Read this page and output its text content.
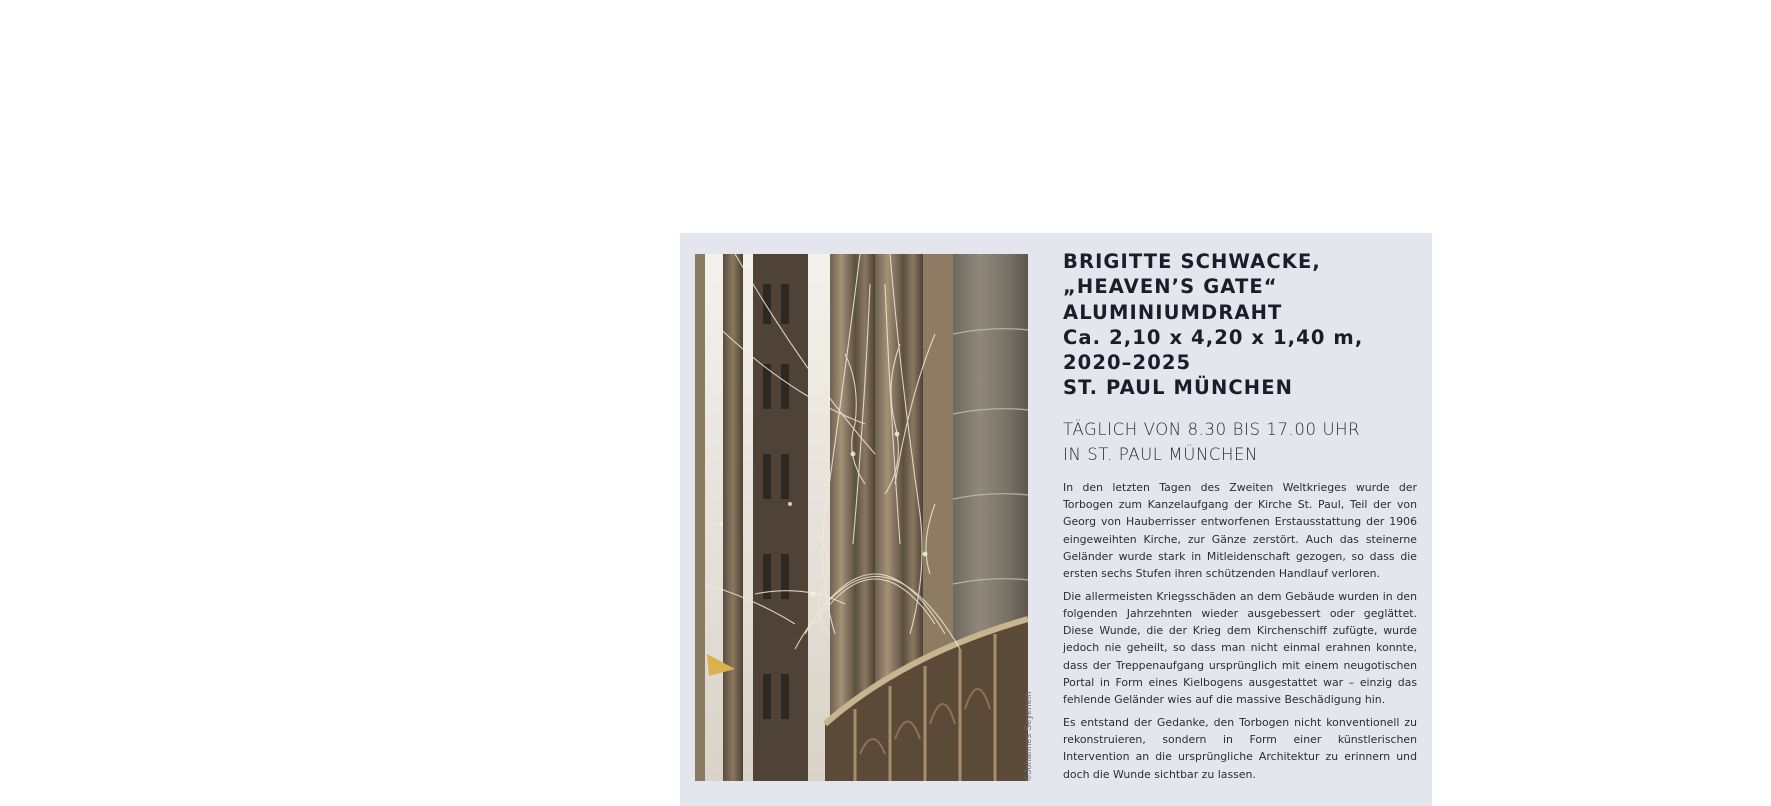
©Johannes Seyerlein
BRIGITTE SCHWACKE,
„HEAVEN’S GATE“
ALUMINIUMDRAHT
Ca. 2,10 x 4,20 x 1,40 m,
2020–2025
ST. PAUL MÜNCHEN
TÄGLICH VON 8.30 BIS 17.00 UHR
IN ST. PAUL MÜNCHEN

In den letzten Tagen des Zweiten Weltkrieges wurde der Torbogen zum Kanzelaufgang der Kirche St. Paul, Teil der von Georg von Hauberrisser entworfenen Erstausstattung der 1906 eingeweihten Kirche, zur Gänze zerstört. Auch das steinerne Geländer wurde stark in Mitleidenschaft gezogen, so dass die ersten sechs Stufen ihren schützenden Handlauf verloren.

Die allermeisten Kriegsschäden an dem Gebäude wurden in den folgenden Jahrzehnten wieder ausgebessert oder geglättet. Diese Wunde, die der Krieg dem Kirchenschiff zufügte, wurde jedoch nie geheilt, so dass man nicht einmal erahnen konnte, dass der Treppenaufgang ursprünglich mit einem neugotischen Portal in Form eines Kielbogens ausgestattet war – einzig das fehlende Geländer wies auf die massive Beschädigung hin.

Es entstand der Gedanke, den Torbogen nicht konventionell zu rekonstruieren, sondern in Form einer künstlerischen Intervention an die ursprüngliche Architektur zu erinnern und doch die Wunde sichtbar zu lassen.
